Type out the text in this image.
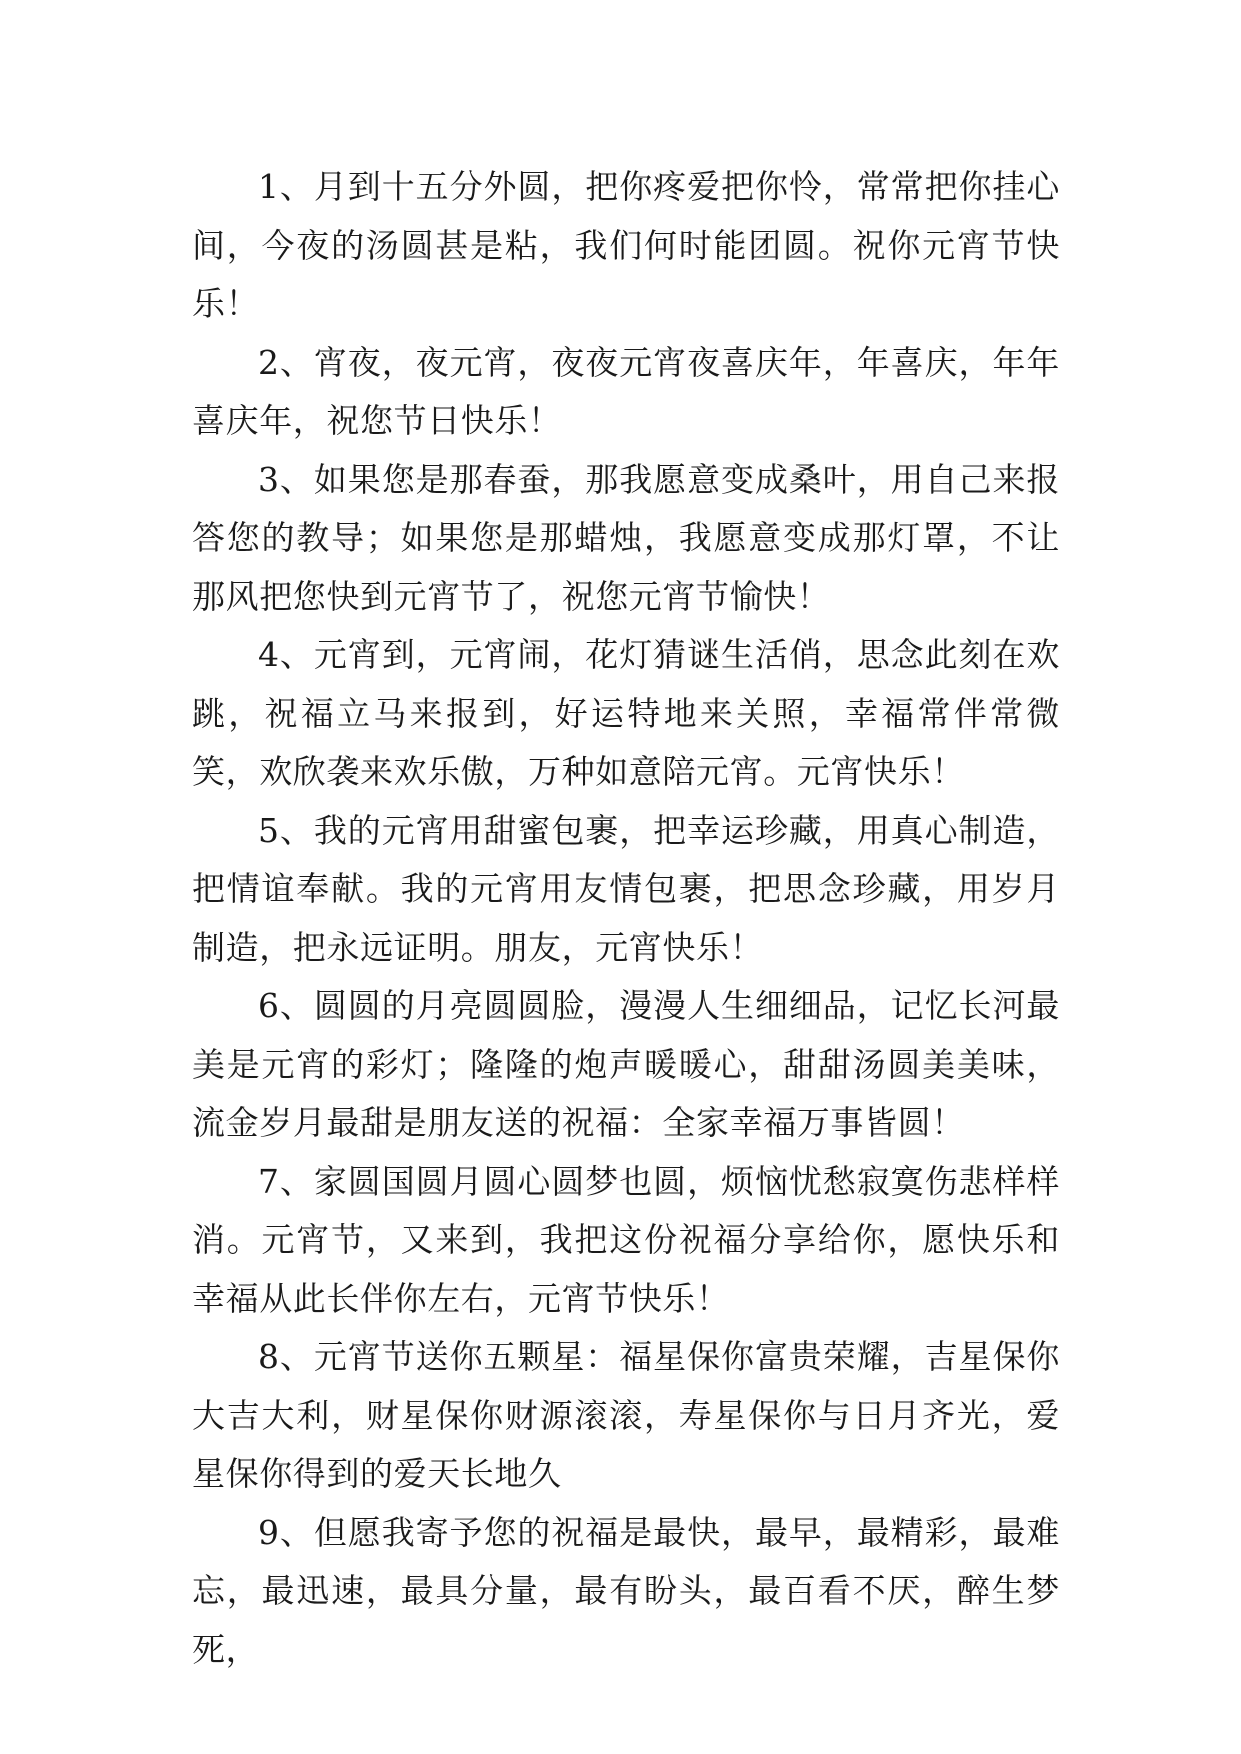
1、月到十五分外圆，把你疼爱把你怜，常常把你挂心间，今夜的汤圆甚是粘，我们何时能团圆。祝你元宵节快乐！

2、宵夜，夜元宵，夜夜元宵夜喜庆年，年喜庆，年年喜庆年，祝您节日快乐！

3、如果您是那春蚕，那我愿意变成桑叶，用自己来报答您的教导；如果您是那蜡烛，我愿意变成那灯罩，不让那风把您快到元宵节了，祝您元宵节愉快！

4、元宵到，元宵闹，花灯猜谜生活俏，思念此刻在欢跳，祝福立马来报到，好运特地来关照，幸福常伴常微笑，欢欣袭来欢乐傲，万种如意陪元宵。元宵快乐！

5、我的元宵用甜蜜包裹，把幸运珍藏，用真心制造，把情谊奉献。我的元宵用友情包裹，把思念珍藏，用岁月制造，把永远证明。朋友，元宵快乐！

6、圆圆的月亮圆圆脸，漫漫人生细细品，记忆长河最美是元宵的彩灯；隆隆的炮声暖暖心，甜甜汤圆美美味，流金岁月最甜是朋友送的祝福：全家幸福万事皆圆！

7、家圆国圆月圆心圆梦也圆，烦恼忧愁寂寞伤悲样样消。元宵节，又来到，我把这份祝福分享给你，愿快乐和幸福从此长伴你左右，元宵节快乐！

8、元宵节送你五颗星：福星保你富贵荣耀，吉星保你大吉大利，财星保你财源滚滚，寿星保你与日月齐光，爱星保你得到的爱天长地久

9、但愿我寄予您的祝福是最快，最早，最精彩，最难忘，最迅速，最具分量，最有盼头，最百看不厌，醉生梦死，
